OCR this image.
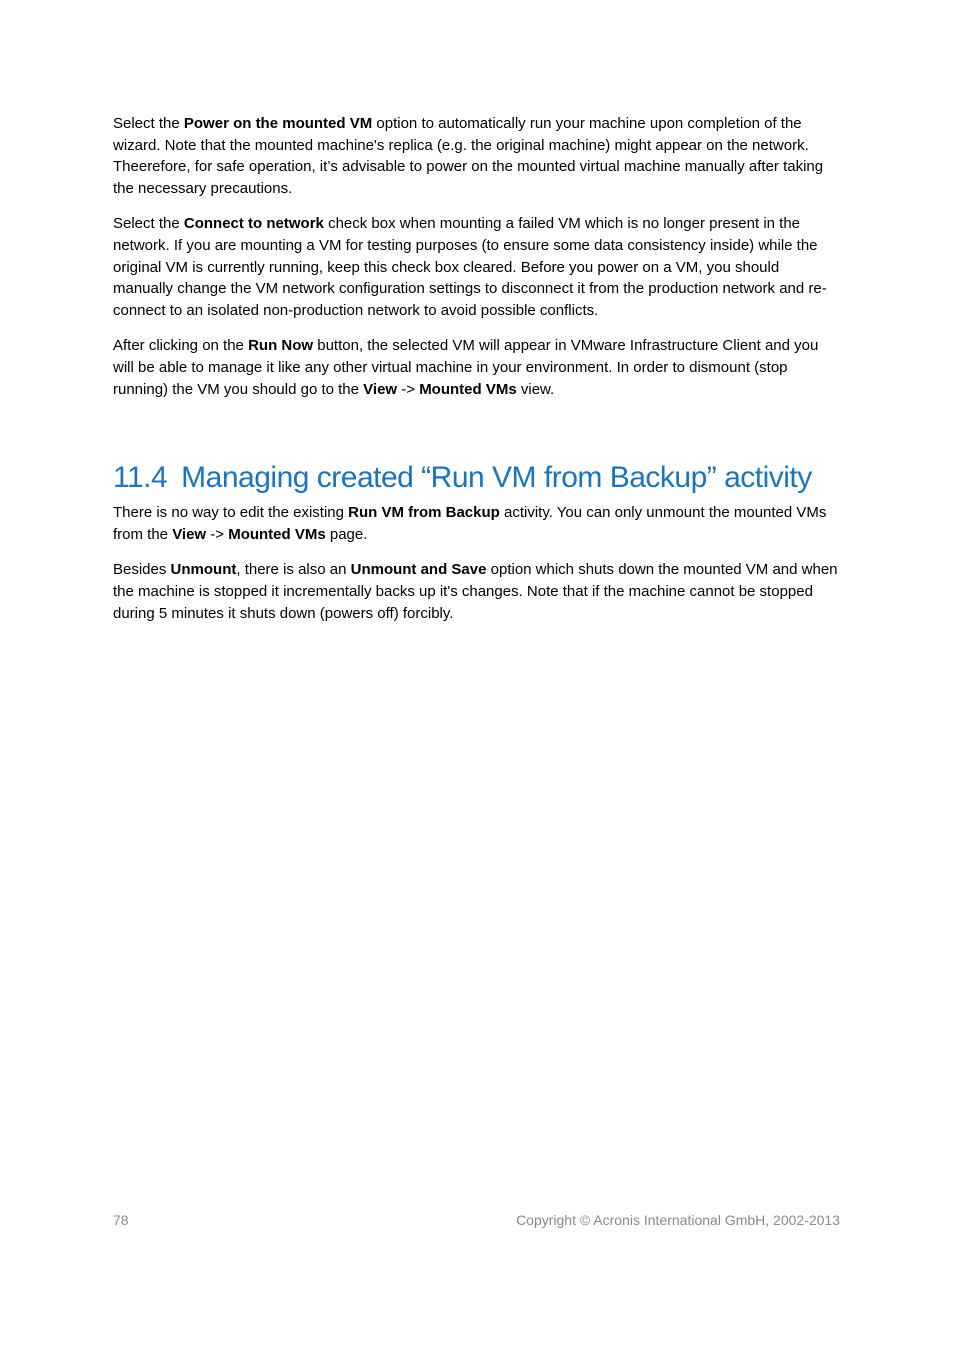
Select the Power on the mounted VM option to automatically run your machine upon completion of the wizard. Note that the mounted machine's replica (e.g. the original machine) might appear on the network. Theerefore, for safe operation, it’s advisable to power on the mounted virtual machine manually after taking the necessary precautions.

Select the Connect to network check box when mounting a failed VM which is no longer present in the network. If you are mounting a VM for testing purposes (to ensure some data consistency inside) while the original VM is currently running, keep this check box cleared. Before you power on a VM, you should manually change the VM network configuration settings to disconnect it from the production network and re-connect to an isolated non-production network to avoid possible conflicts.

After clicking on the Run Now button, the selected VM will appear in VMware Infrastructure Client and you will be able to manage it like any other virtual machine in your environment. In order to dismount (stop running) the VM you should go to the View -> Mounted VMs view.

11.4 Managing created “Run VM from Backup” activity

There is no way to edit the existing Run VM from Backup activity. You can only unmount the mounted VMs from the View -> Mounted VMs page.

Besides Unmount, there is also an Unmount and Save option which shuts down the mounted VM and when the machine is stopped it incrementally backs up it's changes. Note that if the machine cannot be stopped during 5 minutes it shuts down (powers off) forcibly.

78	Copyright © Acronis International GmbH, 2002-2013
